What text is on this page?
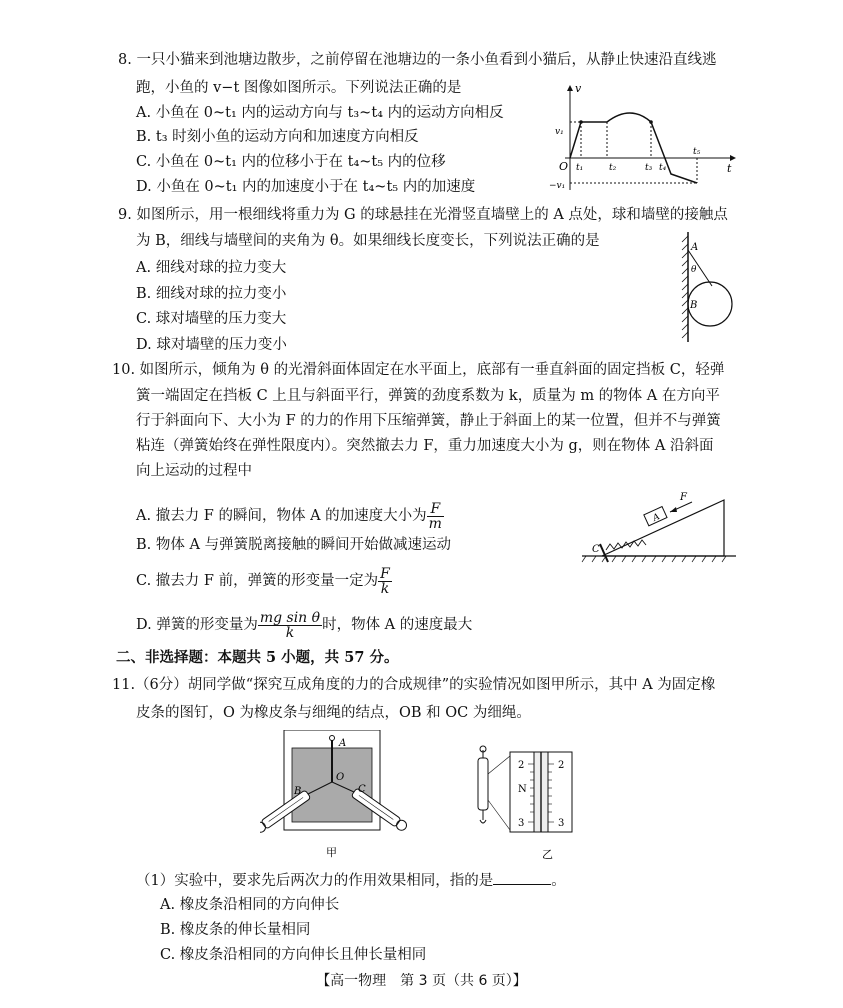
8. 一只小猫来到池塘边散步，之前停留在池塘边的一条小鱼看到小猫后，从静止快速沿直线逃
跑，小鱼的 v−t 图像如图所示。下列说法正确的是
A. 小鱼在 0~t₁ 内的运动方向与 t₃~t₄ 内的运动方向相反
B. t₃ 时刻小鱼的运动方向和加速度方向相反
C. 小鱼在 0~t₁ 内的位移小于在 t₄~t₅ 内的位移
D. 小鱼在 0~t₁ 内的加速度小于在 t₄~t₅ 内的加速度
v
t
O
v₁
−v₁
t₁	t₂	t₃ t₄
t₅
9. 如图所示，用一根细线将重力为 G 的球悬挂在光滑竖直墙壁上的 A 点处，球和墙壁的接触点
为 B，细线与墙壁间的夹角为 θ。如果细线长度变长，下列说法正确的是
A. 细线对球的拉力变大
B. 细线对球的拉力变小
C. 球对墙壁的压力变大
D. 球对墙壁的压力变小
A
B
θ
10. 如图所示，倾角为 θ 的光滑斜面体固定在水平面上，底部有一垂直斜面的固定挡板 C，轻弹
簧一端固定在挡板 C 上且与斜面平行，弹簧的劲度系数为 k，质量为 m 的物体 A 在方向平
行于斜面向下、大小为 F 的力的作用下压缩弹簧，静止于斜面上的某一位置，但并不与弹簧
粘连（弹簧始终在弹性限度内）。突然撤去力 F，重力加速度大小为 g，则在物体 A 沿斜面
向上运动的过程中
A. 撤去力 F 的瞬间，物体 A 的加速度大小为 $\frac{F}{m}$
B. 物体 A 与弹簧脱离接触的瞬间开始做减速运动
C. 撤去力 F 前，弹簧的形变量一定为 $\frac{F}{k}$
D. 弹簧的形变量为 $\frac{\text{mg sin θ}}{k}$ 时，物体 A 的速度最大
A
F
C
二、非选择题：本题共 5 小题，共 57 分。
11.（6分）胡同学做“探究互成角度的力的合成规律”的实验情况如图甲所示，其中 A 为固定橡
皮条的图钉，O 为橡皮条与细绳的结点，OB 和 OC 为细绳。
A
O
B	C
甲
2	2
N
3	3
乙
（1）实验中，要求先后两次力的作用效果相同，指的是	。
A. 橡皮条沿相同的方向伸长
B. 橡皮条的伸长量相同
C. 橡皮条沿相同的方向伸长且伸长量相同
【高一物理　第 3 页（共 6 页）】
